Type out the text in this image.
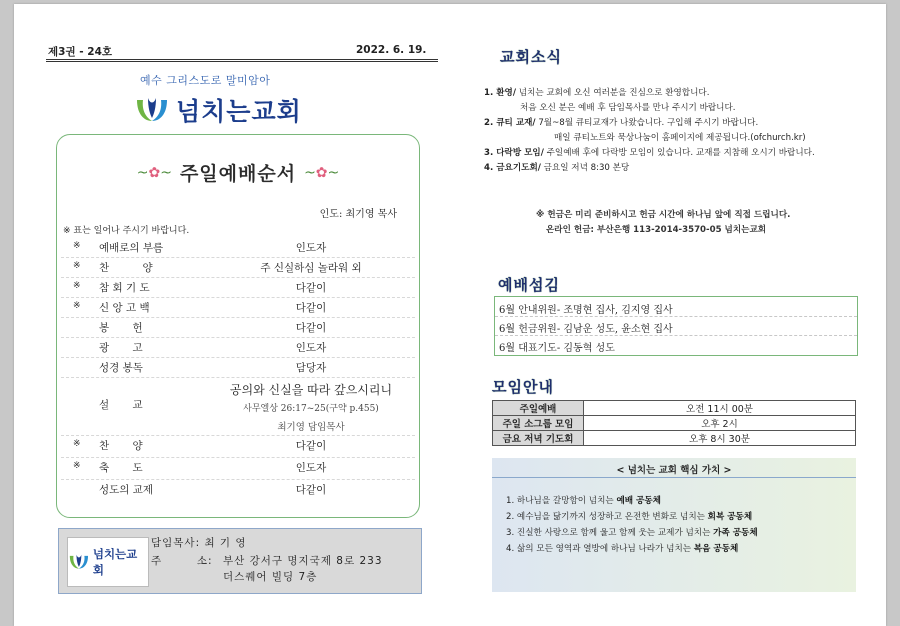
제3권 - 24호	2022. 6. 19.
예수 그리스도로 말미암아
넘치는교회
~✿~ 주일예배순서 ~✿~
인도: 최기영 목사
※ 표는 일어나 주시기 바랍니다.
※ 예배로의 부름	인도자
※ 찬          양	주 신실하심 놀라워 외
※ 참 회 기 도	다같이
※ 신 앙 고 백	다같이
봉       헌	다같이
광       고	인도자
성경 봉독	담당자
설       교
공의와 신실을 따라 갚으시리니
사무엘상 26:17~25(구약 p.455)
최기영 담임목사
※ 찬       양	다같이
※ 축       도	인도자
성도의 교제	다같이
넘치는교회
담임목사: 최 기 영
주        소: 부산 강서구 명지국제 8로 233
더스퀘어 빌딩 7층
교회소식
1. 환영/ 넘치는 교회에 오신 여러분을 진심으로 환영합니다.
처음 오신 분은 예배 후 담임목사를 만나 주시기 바랍니다.
2. 큐티 교재/ 7월~8월 큐티교재가 나왔습니다. 구입해 주시기 바랍니다.
매일 큐티노트와 묵상나눔이 홈페이지에 제공됩니다.(ofchurch.kr)
3. 다락방 모임/ 주일예배 후에 다락방 모임이 있습니다. 교재를 지참해 오시기 바랍니다.
4. 금요기도회/ 금요일 저녁 8:30 본당
※ 헌금은 미리 준비하시고 헌금 시간에 하나님 앞에 직접 드립니다.
온라인 헌금: 부산은행 113-2014-3570-05 넘치는교회
예배섬김
6월 안내위원- 조명현 집사, 김지영 집사
6월 헌금위원- 김남운 성도, 윤소현 집사
6월 대표기도- 김동혁 성도
모임안내
주일예배	오전 11시 00분
주일 소그룹 모임	오후 2시
금요 저녁 기도회	오후 8시 30분
< 넘치는 교회 핵심 가치 >
1. 하나님을 갈망함이 넘치는 예배 공동체
2. 예수님을 닮기까지 성장하고 온전한 변화로 넘치는 회복 공동체
3. 진실한 사랑으로 함께 울고 함께 웃는 교제가 넘치는 가족 공동체
4. 삶의 모든 영역과 열방에 하나님 나라가 넘치는 복음 공동체
